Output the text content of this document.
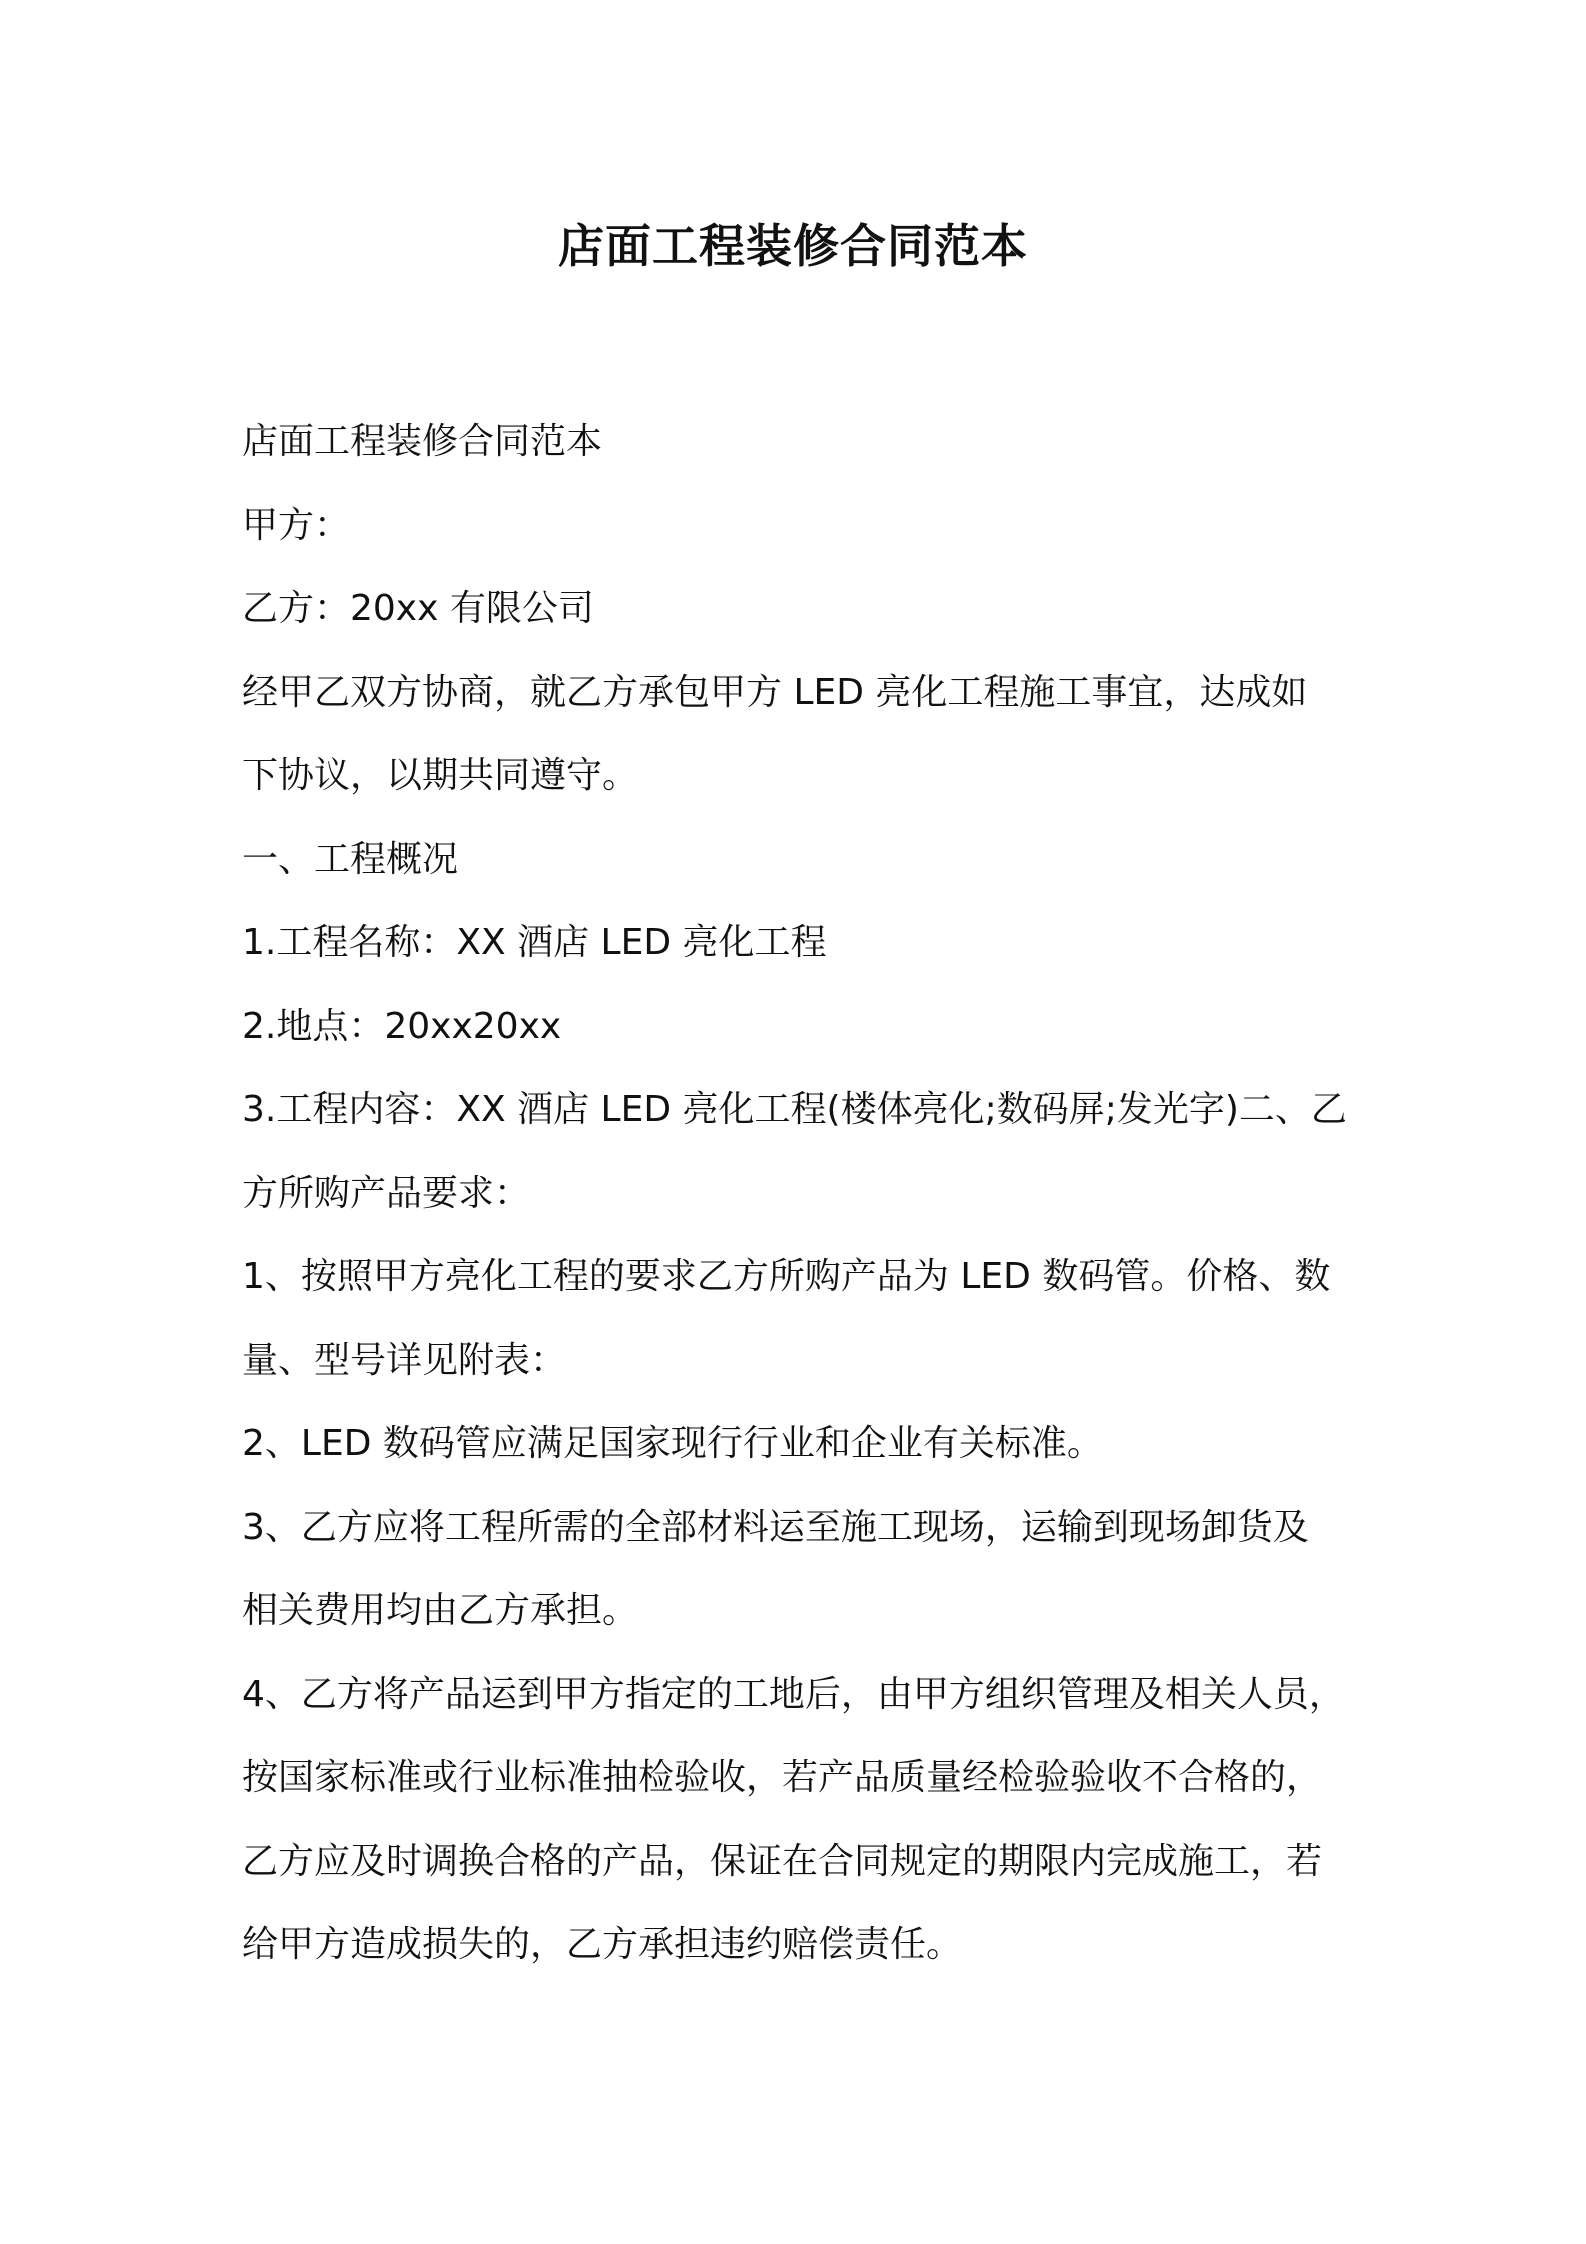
店面工程装修合同范本

店面工程装修合同范本

甲方：

乙方：20xx 有限公司

经甲乙双方协商，就乙方承包甲方 LED 亮化工程施工事宜，达成如

下协议，以期共同遵守。

一、工程概况

1.工程名称：XX 酒店 LED 亮化工程

2.地点：20xx20xx

3.工程内容：XX 酒店 LED 亮化工程(楼体亮化;数码屏;发光字)二、乙

方所购产品要求：

1、按照甲方亮化工程的要求乙方所购产品为 LED 数码管。价格、数

量、型号详见附表：

2、LED 数码管应满足国家现行行业和企业有关标准。

3、乙方应将工程所需的全部材料运至施工现场，运输到现场卸货及

相关费用均由乙方承担。

4、乙方将产品运到甲方指定的工地后，由甲方组织管理及相关人员，

按国家标准或行业标准抽检验收，若产品质量经检验验收不合格的，

乙方应及时调换合格的产品，保证在合同规定的期限内完成施工，若

给甲方造成损失的，乙方承担违约赔偿责任。
